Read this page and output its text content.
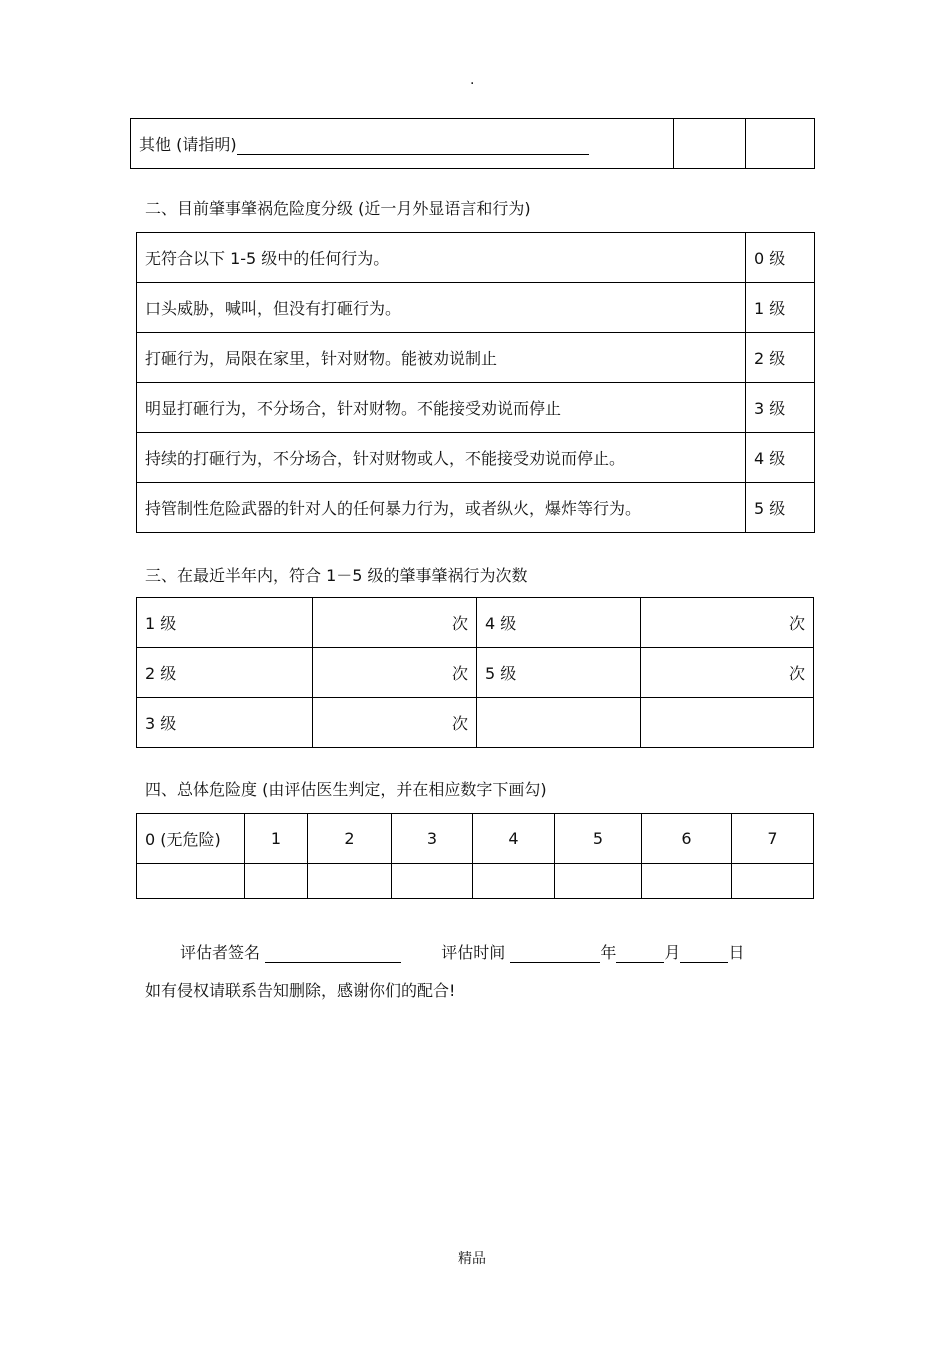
.
其他 (请指明)		
二、目前肇事肇祸危险度分级 (近一月外显语言和行为)
无符合以下 1-5 级中的任何行为。	0 级
口头威胁，喊叫，但没有打砸行为。	1 级
打砸行为，局限在家里，针对财物。能被劝说制止	2 级
明显打砸行为，不分场合，针对财物。不能接受劝说而停止	3 级
持续的打砸行为，不分场合，针对财物或人，不能接受劝说而停止。	4 级
持管制性危险武器的针对人的任何暴力行为，或者纵火，爆炸等行为。	5 级
三、在最近半年内，符合 1－5 级的肇事肇祸行为次数
1 级	次	4 级	次
2 级	次	5 级	次
3 级	次		
四、总体危险度 (由评估医生判定，并在相应数字下画勾)
0 (无危险)	1	2	3	4	5	6	7

评估者签名	评估时间	年	月	日
如有侵权请联系告知删除，感谢你们的配合!
精品
